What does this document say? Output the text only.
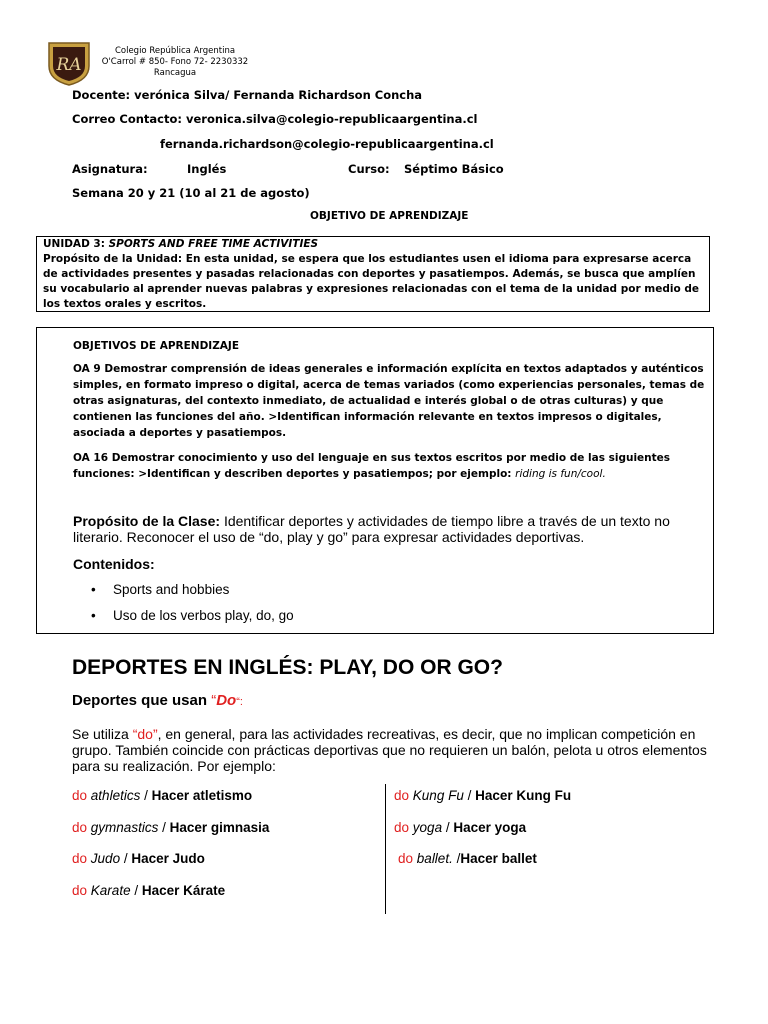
RA
Colegio República Argentina
O'Carrol # 850- Fono 72- 2230332
Rancagua
Docente: verónica Silva/ Fernanda Richardson Concha
Correo Contacto: veronica.silva@colegio-republicaargentina.cl
fernanda.richardson@colegio-republicaargentina.cl
Asignatura:	Inglés	Curso: Séptimo Básico
Semana 20 y 21 (10 al 21 de agosto)
OBJETIVO DE APRENDIZAJE
UNIDAD 3: SPORTS AND FREE TIME ACTIVITIES
Propósito de la Unidad: En esta unidad, se espera que los estudiantes usen el idioma para expresarse acerca de actividades presentes y pasadas relacionadas con deportes y pasatiempos. Además, se busca que amplíen su vocabulario al aprender nuevas palabras y expresiones relacionadas con el tema de la unidad por medio de los textos orales y escritos.
OBJETIVOS DE APRENDIZAJE
OA 9 Demostrar comprensión de ideas generales e información explícita en textos adaptados y auténticos simples, en formato impreso o digital, acerca de temas variados (como experiencias personales, temas de otras asignaturas, del contexto inmediato, de actualidad e interés global o de otras culturas) y que contienen las funciones del año. >Identifican información relevante en textos impresos o digitales, asociada a deportes y pasatiempos.
OA 16 Demostrar conocimiento y uso del lenguaje en sus textos escritos por medio de las siguientes funciones: >Identifican y describen deportes y pasatiempos; por ejemplo: riding is fun/cool.
Propósito de la Clase: Identificar deportes y actividades de tiempo libre a través de un texto no literario. Reconocer el uso de “do, play y go” para expresar actividades deportivas.
Contenidos:
• Sports and hobbies
• Uso de los verbos play, do, go
DEPORTES EN INGLÉS: PLAY, DO OR GO?
Deportes que usan “Do“:
Se utiliza “do”, en general, para las actividades recreativas, es decir, que no implican competición en grupo. También coincide con prácticas deportivas que no requieren un balón, pelota u otros elementos para su realización. Por ejemplo:
do athletics / Hacer atletismo
do gymnastics / Hacer gimnasia
do Judo / Hacer Judo
do Karate / Hacer Kárate
do Kung Fu / Hacer Kung Fu
do yoga / Hacer yoga
do ballet. /Hacer ballet
